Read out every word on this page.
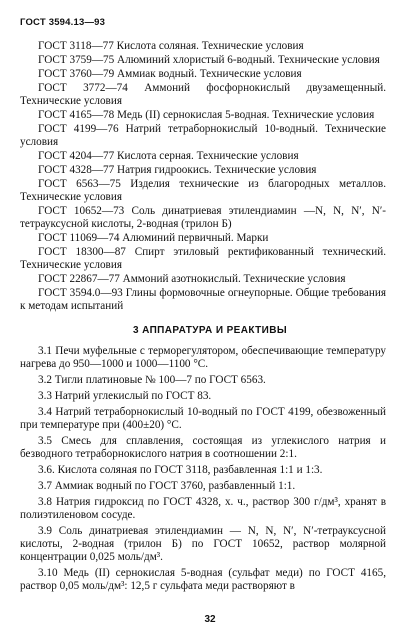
ГОСТ 3594.13—93

ГОСТ 3118—77 Кислота соляная. Технические условия

ГОСТ 3759—75 Алюминий хлористый 6-водный. Технические условия

ГОСТ 3760—79 Аммиак водный. Технические условия

ГОСТ 3772—74 Аммоний фосфорнокислый двузамещенный. Технические условия

ГОСТ 4165—78 Медь (II) сернокислая 5-водная. Технические условия

ГОСТ 4199—76 Натрий тетраборнокислый 10-водный. Технические условия

ГОСТ 4204—77 Кислота серная. Технические условия

ГОСТ 4328—77 Натрия гидроокись. Технические условия

ГОСТ 6563—75 Изделия технические из благородных металлов. Технические условия

ГОСТ 10652—73 Соль динатриевая этилендиамин —N, N, N′, N′-тетрауксусной кислоты, 2-водная (трилон Б)

ГОСТ 11069—74 Алюминий первичный. Марки

ГОСТ 18300—87 Спирт этиловый ректификованный технический. Технические условия

ГОСТ 22867—77 Аммоний азотнокислый. Технические условия

ГОСТ 3594.0—93 Глины формовочные огнеупорные. Общие требования к методам испытаний

3 АППАРАТУРА И РЕАКТИВЫ

3.1 Печи муфельные с терморегулятором, обеспечивающие температуру нагрева до 950—1000 и 1000—1100 °С.

3.2 Тигли платиновые № 100—7 по ГОСТ 6563.

3.3 Натрий углекислый по ГОСТ 83.

3.4 Натрий тетраборнокислый 10-водный по ГОСТ 4199, обезвоженный при температуре при (400±20) °С.

3.5 Смесь для сплавления, состоящая из углекислого натрия и безводного тетраборнокислого натрия в соотношении 2:1.

3.6. Кислота соляная по ГОСТ 3118, разбавленная 1:1 и 1:3.

3.7 Аммиак водный по ГОСТ 3760, разбавленный 1:1.

3.8 Натрия гидроксид по ГОСТ 4328, х. ч., раствор 300 г/дм³, хранят в полиэтиленовом сосуде.

3.9 Соль динатриевая этилендиамин — N, N, N′, N′-тетрауксусной кислоты, 2-водная (трилон Б) по ГОСТ 10652, раствор молярной концентрации 0,025 моль/дм³.

3.10 Медь (II) сернокислая 5-водная (сульфат меди) по ГОСТ 4165, раствор 0,05 моль/дм³: 12,5 г сульфата меди растворяют в

32
